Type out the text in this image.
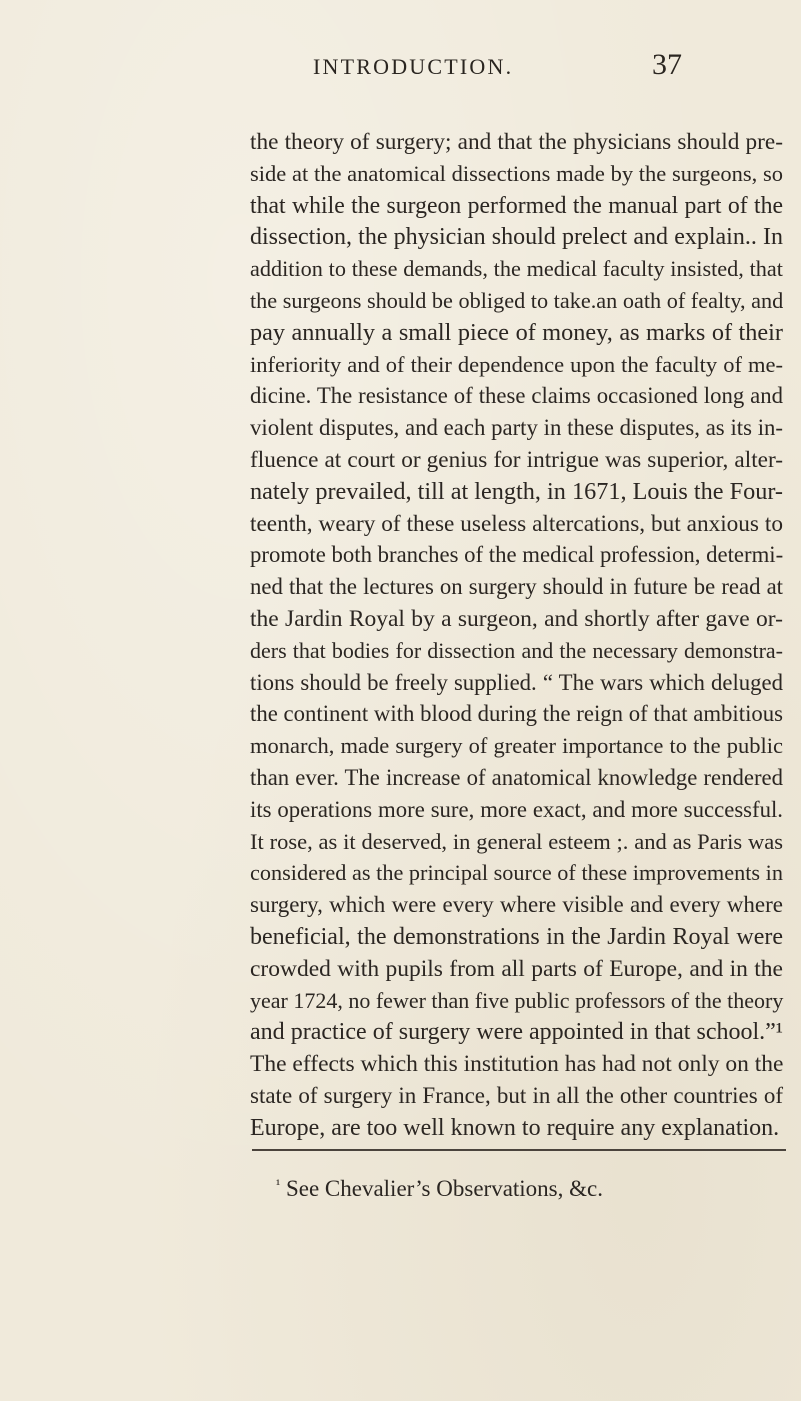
INTRODUCTION.	37
the theory of surgery; and that the physicians should pre-
side at the anatomical dissections made by the surgeons, so
that while the surgeon performed the manual part of the
dissection, the physician should prelect and explain.. In
addition to these demands, the medical faculty insisted, that
the surgeons should be obliged to take.an oath of fealty, and
pay annually a small piece of money, as marks of their
inferiority and of their dependence upon the faculty of me-
dicine. The resistance of these claims occasioned long and
violent disputes, and each party in these disputes, as its in-
fluence at court or genius for intrigue was superior, alter-
nately prevailed, till at length, in 1671, Louis the Four-
teenth, weary of these useless altercations, but anxious to
promote both branches of the medical profession, determi-
ned that the lectures on surgery should in future be read at
the Jardin Royal by a surgeon, and shortly after gave or-
ders that bodies for dissection and the necessary demonstra-
tions should be freely supplied. “ The wars which deluged
the continent with blood during the reign of that ambitious
monarch, made surgery of greater importance to the public
than ever. The increase of anatomical knowledge rendered
its operations more sure, more exact, and more successful.
It rose, as it deserved, in general esteem ;. and as Paris was
considered as the principal source of these improvements in
surgery, which were every where visible and every where
beneficial, the demonstrations in the Jardin Royal were
crowded with pupils from all parts of Europe, and in the
year 1724, no fewer than five public professors of the theory
and practice of surgery were appointed in that school.”¹
The effects which this institution has had not only on the
state of surgery in France, but in all the other countries of
Europe, are too well known to require any explanation.
$^{^1}$ See Chevalier’s Observations, &c.
